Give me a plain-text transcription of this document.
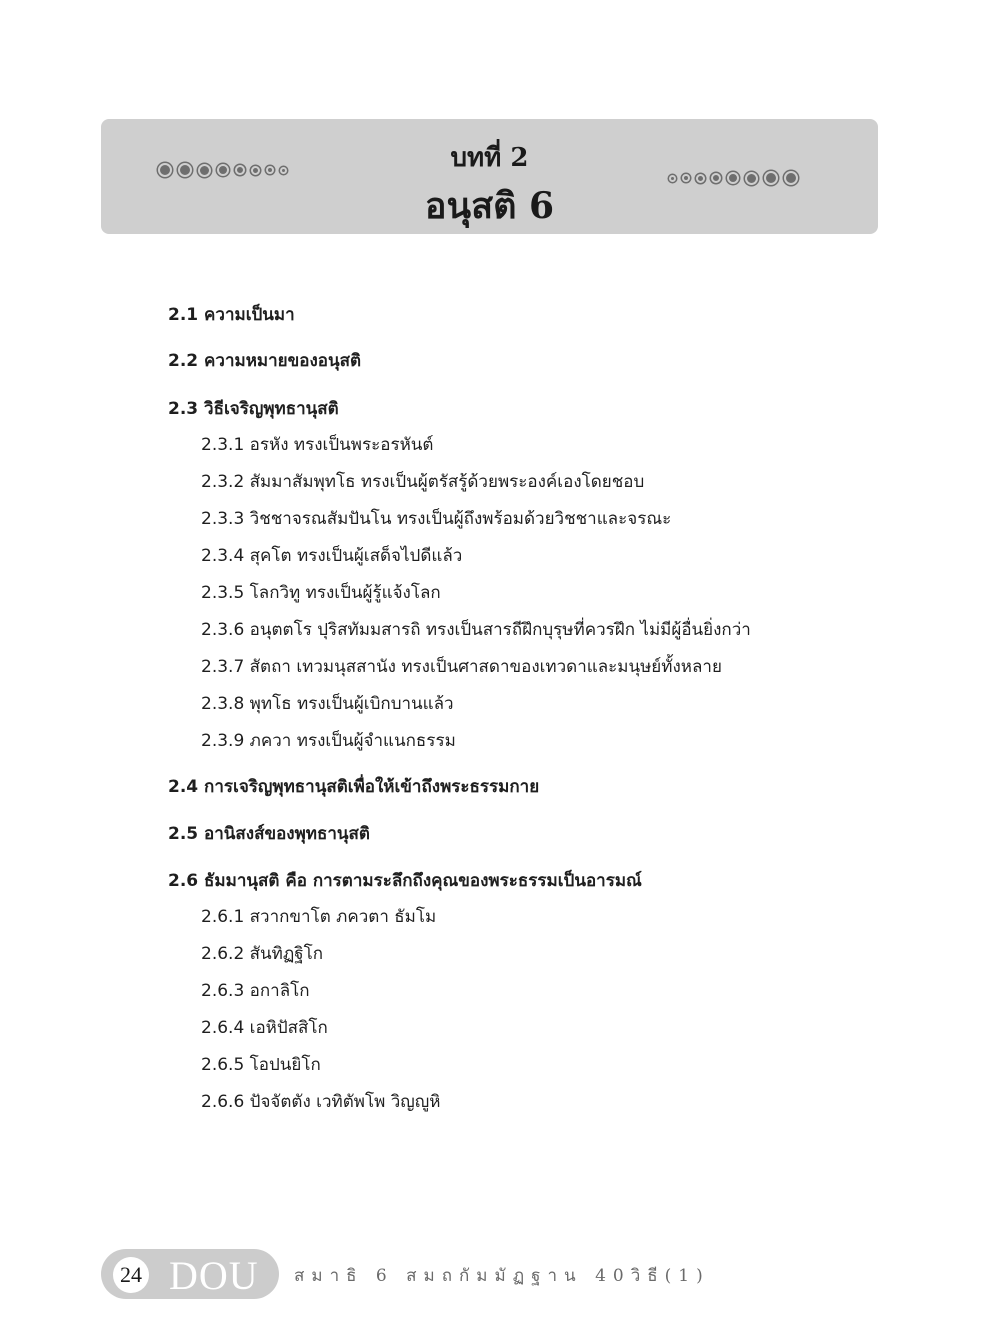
บทที่ 2
อนุสติ 6
2.1 ความเป็นมา
2.2 ความหมายของอนุสติ
2.3 วิธีเจริญพุทธานุสติ
2.3.1 อรหัง ทรงเป็นพระอรหันต์
2.3.2 สัมมาสัมพุทโธ ทรงเป็นผู้ตรัสรู้ด้วยพระองค์เองโดยชอบ
2.3.3 วิชชาจรณสัมปันโน ทรงเป็นผู้ถึงพร้อมด้วยวิชชาและจรณะ
2.3.4 สุคโต ทรงเป็นผู้เสด็จไปดีแล้ว
2.3.5 โลกวิทู ทรงเป็นผู้รู้แจ้งโลก
2.3.6 อนุตตโร ปุริสทัมมสารถิ ทรงเป็นสารถีฝึกบุรุษที่ควรฝึก ไม่มีผู้อื่นยิ่งกว่า
2.3.7 สัตถา เทวมนุสสานัง ทรงเป็นศาสดาของเทวดาและมนุษย์ทั้งหลาย
2.3.8 พุทโธ ทรงเป็นผู้เบิกบานแล้ว
2.3.9 ภควา ทรงเป็นผู้จำแนกธรรม
2.4 การเจริญพุทธานุสติเพื่อให้เข้าถึงพระธรรมกาย
2.5 อานิสงส์ของพุทธานุสติ
2.6 ธัมมานุสติ คือ การตามระลึกถึงคุณของพระธรรมเป็นอารมณ์
2.6.1 สวากขาโต ภควตา ธัมโม
2.6.2 สันทิฏฐิโก
2.6.3 อกาลิโก
2.6.4 เอหิปัสสิโก
2.6.5 โอปนยิโก
2.6.6 ปัจจัตตัง เวทิตัพโพ วิญญูหิ
24 DOU สมาธิ 6 สมถกัมมัฏฐาน 40วิธี(1)
